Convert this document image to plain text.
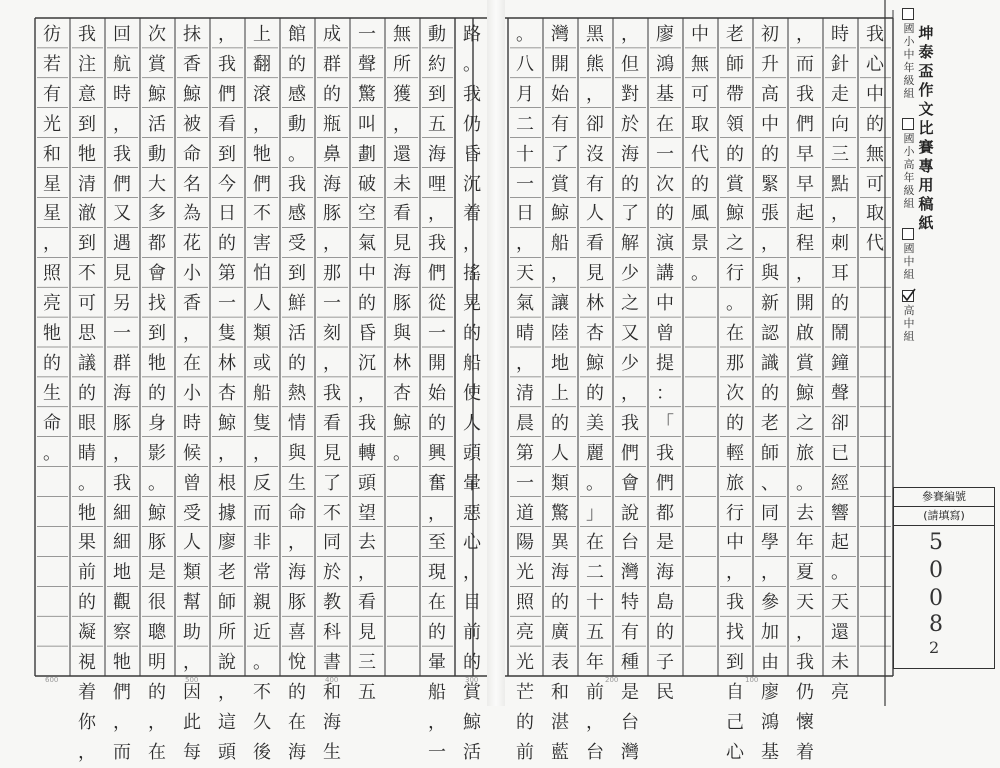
我
心
中
的
無
可
取
代
時
針
走
向
三
點
，
刺
耳
的
鬧
鐘
聲
卻
已
經
響
起
。
天
還
未
亮
，
而
我
們
早
早
起
程
，
開
啟
賞
鯨
之
旅
。
去
年
夏
天
，
我
仍
懷
着
初
升
高
中
的
緊
張
，
與
新
認
識
的
老
師
、
同
學
，
參
加
由
廖
鴻
基
老
師
帶
領
的
賞
鯨
之
行
。
在
那
次
的
輕
旅
行
中
，
我
找
到
自
己
心
中
無
可
取
代
的
風
景
。
廖
鴻
基
在
一
次
的
演
講
中
曾
提
：
「
我
們
都
是
海
島
的
子
民
，
但
對
於
海
的
了
解
少
之
又
少
，
我
們
會
說
台
灣
特
有
種
是
台
灣
黑
熊
，
卻
沒
有
人
看
見
林
杏
鯨
的
美
麗
。
」
在
二
十
五
年
前
，
台
灣
開
始
有
了
賞
鯨
船
，
讓
陸
地
上
的
人
類
驚
異
海
的
廣
表
和
湛
藍
。
八
月
二
十
一
日
，
天
氣
晴
，
清
晨
第
一
道
陽
光
照
亮
光
芒
的
前
路
。
我
仍
昏
沉
着
，
搖
晃
的
船
使
人
頭
暈
惡
心
，
目
前
的
賞
鯨
活
動
約
到
五
海
哩
，
我
們
從
一
開
始
的
興
奮
，
至
現
在
的
暈
船
，
一
無
所
獲
，
還
未
看
見
海
豚
與
林
杏
鯨
。
一
聲
驚
叫
劃
破
空
氣
中
的
昏
沉
，
我
轉
頭
望
去
，
看
見
三
五
成
群
的
瓶
鼻
海
豚
，
那
一
刻
，
我
看
見
了
不
同
於
教
科
書
和
海
生
館
的
感
動
。
我
感
受
到
鮮
活
的
熱
情
與
生
命
，
海
豚
喜
悅
的
在
海
上
翻
滾
，
牠
們
不
害
怕
人
類
或
船
隻
，
反
而
非
常
親
近
。
不
久
後
，
我
們
看
到
今
日
的
第
一
隻
林
杏
鯨
，
根
據
廖
老
師
所
說
，
這
頭
抹
香
鯨
被
命
名
為
花
小
香
，
在
小
時
候
曾
受
人
類
幫
助
，
因
此
每
次
賞
鯨
活
動
大
多
都
會
找
到
牠
的
身
影
。
鯨
豚
是
很
聰
明
的
，
在
回
航
時
，
我
們
又
遇
見
另
一
群
海
豚
，
我
細
細
地
觀
察
牠
們
，
而
我
注
意
到
牠
清
澈
到
不
可
思
議
的
眼
睛
。
牠
果
前
的
凝
視
着
你
，
彷
若
有
光
和
星
星
，
照
亮
牠
的
生
命
。
600	500	400	300	200	100
坤
泰
盃
作
文
比
賽
專
用
稿
紙
國
小
中
年
級
組
國
小
高
年
級
組
國
中
組
高
中
組
參賽編號
(請填寫)
5
0
0
8
2
